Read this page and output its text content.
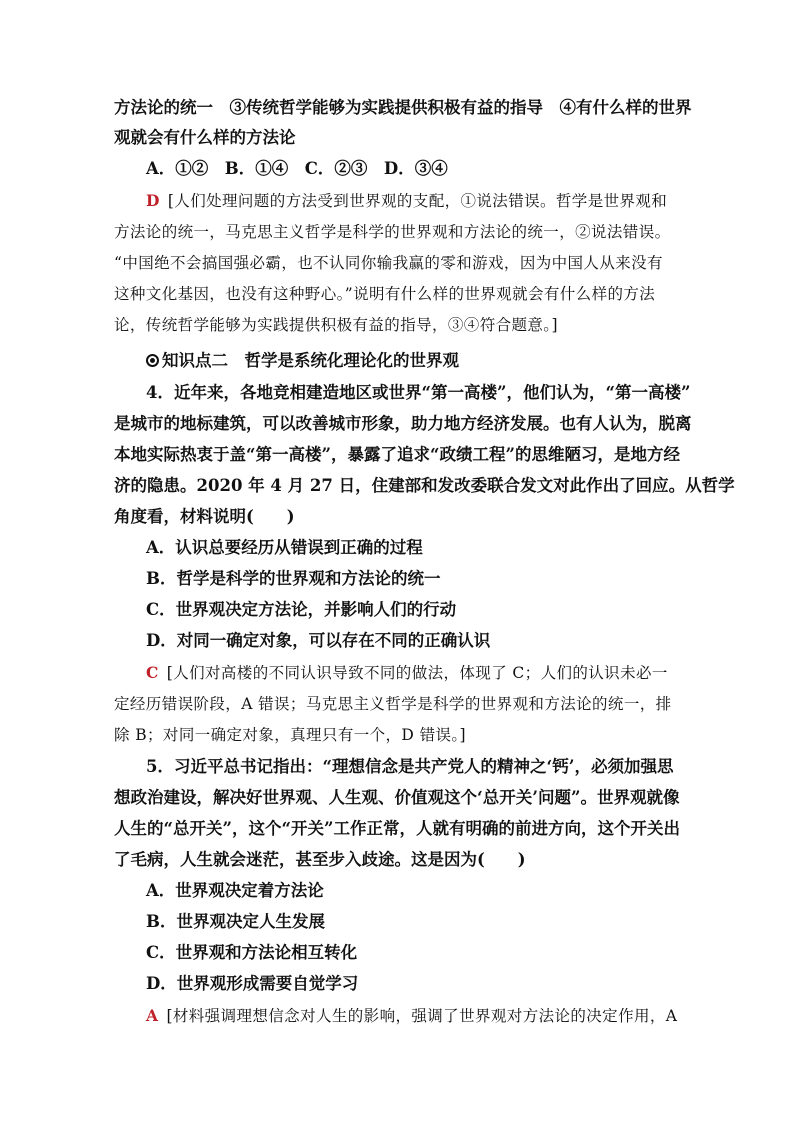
方法论的统一　③传统哲学能够为实践提供积极有益的指导　④有什么样的世界
观就会有什么样的方法论
A．①②　B．①④　C．②③　D．③④
D [人们处理问题的方法受到世界观的支配，①说法错误。哲学是世界观和
方法论的统一，马克思主义哲学是科学的世界观和方法论的统一，②说法错误。
“中国绝不会搞国强必霸，也不认同你输我赢的零和游戏，因为中国人从来没有
这种文化基因，也没有这种野心。”说明有什么样的世界观就会有什么样的方法
论，传统哲学能够为实践提供积极有益的指导，③④符合题意。]
知识点二　哲学是系统化理论化的世界观
4．近年来，各地竞相建造地区或世界“第一高楼”，他们认为，“第一高楼”
是城市的地标建筑，可以改善城市形象，助力地方经济发展。也有人认为，脱离
本地实际热衷于盖“第一高楼”，暴露了追求“政绩工程”的思维陋习，是地方经
济的隐患。2020 年 4 月 27 日，住建部和发改委联合发文对此作出了回应。从哲学
角度看，材料说明(　　)
A．认识总要经历从错误到正确的过程
B．哲学是科学的世界观和方法论的统一
C．世界观决定方法论，并影响人们的行动
D．对同一确定对象，可以存在不同的正确认识
C [人们对高楼的不同认识导致不同的做法，体现了 C；人们的认识未必一
定经历错误阶段，A 错误；马克思主义哲学是科学的世界观和方法论的统一，排
除 B；对同一确定对象，真理只有一个，D 错误。]
5．习近平总书记指出：“理想信念是共产党人的精神之‘钙’，必须加强思
想政治建设，解决好世界观、人生观、价值观这个‘总开关’问题”。世界观就像
人生的“总开关”，这个“开关”工作正常，人就有明确的前进方向，这个开关出
了毛病，人生就会迷茫，甚至步入歧途。这是因为(　　)
A．世界观决定着方法论
B．世界观决定人生发展
C．世界观和方法论相互转化
D．世界观形成需要自觉学习
A [材料强调理想信念对人生的影响，强调了世界观对方法论的决定作用，A
